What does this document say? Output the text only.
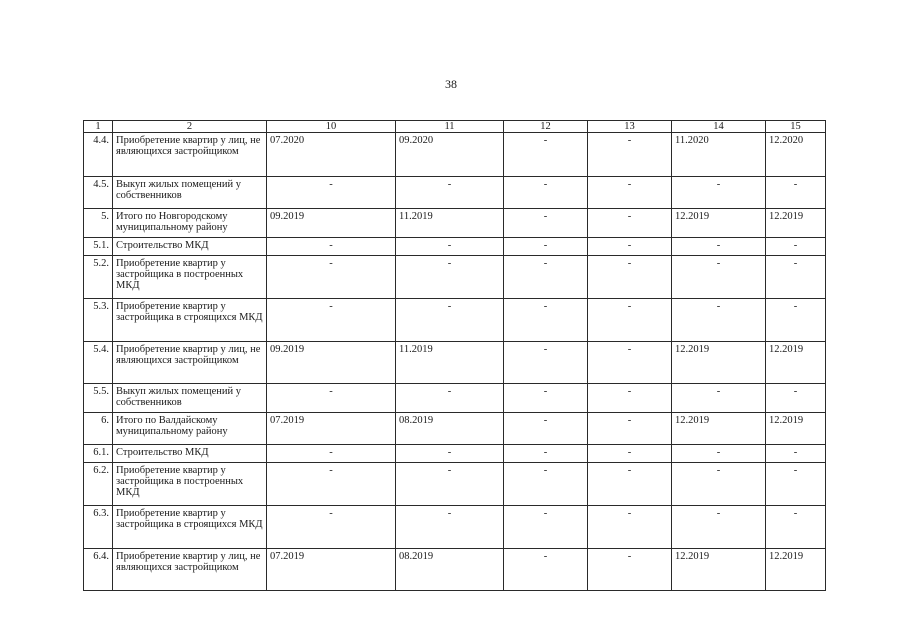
38
1	2	10	11	12	13	14	15
4.4.	Приобретение квартир у лиц, не являющихся застройщиком	07.2020	09.2020	-	-	11.2020	12.2020
4.5.	Выкуп жилых помещений у собственников	-	-	-	-	-	-
5.	Итого по Новгородскому муниципальному району	09.2019	11.2019	-	-	12.2019	12.2019
5.1.	Строительство МКД	-	-	-	-	-	-
5.2.	Приобретение квартир у застройщика в построенных МКД	-	-	-	-	-	-
5.3.	Приобретение квартир у застройщика в строящихся МКД	-	-	-	-	-	-
5.4.	Приобретение квартир у лиц, не являющихся застройщиком	09.2019	11.2019	-	-	12.2019	12.2019
5.5.	Выкуп жилых помещений у собственников	-	-	-	-	-	-
6.	Итого по Валдайскому муниципальному району	07.2019	08.2019	-	-	12.2019	12.2019
6.1.	Строительство МКД	-	-	-	-	-	-
6.2.	Приобретение квартир у застройщика в построенных МКД	-	-	-	-	-	-
6.3.	Приобретение квартир у застройщика в строящихся МКД	-	-	-	-	-	-
6.4.	Приобретение квартир у лиц, не являющихся застройщиком	07.2019	08.2019	-	-	12.2019	12.2019
